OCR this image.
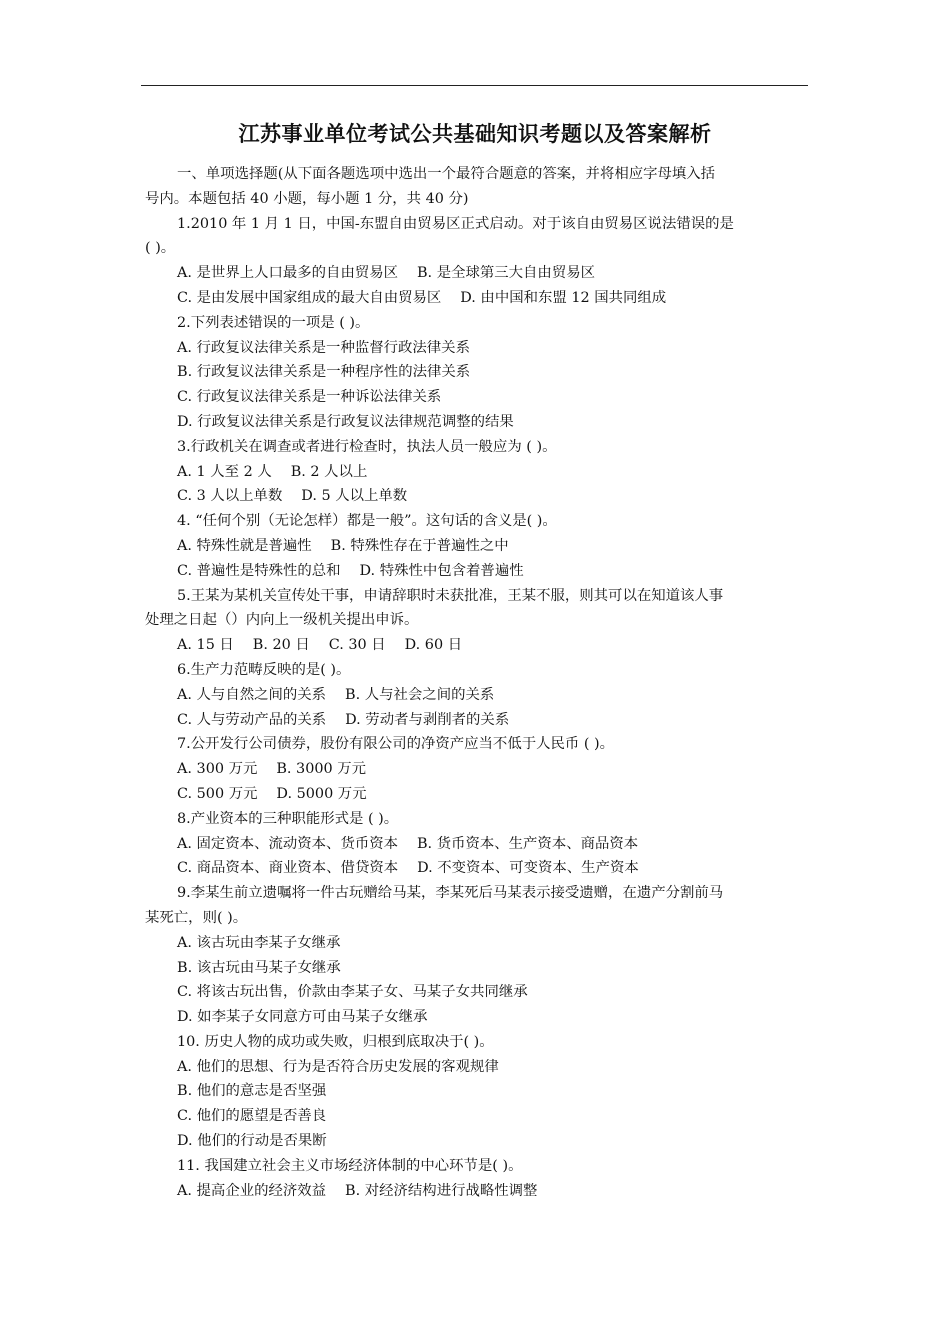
江苏事业单位考试公共基础知识考题以及答案解析
一、单项选择题(从下面各题选项中选出一个最符合题意的答案，并将相应字母填入括
号内。本题包括 40 小题，每小题 1 分，共 40 分)
1.2010 年 1 月 1 日，中国-东盟自由贸易区正式启动。对于该自由贸易区说法错误的是
( )。
A. 是世界上人口最多的自由贸易区　 B. 是全球第三大自由贸易区
C. 是由发展中国家组成的最大自由贸易区　 D. 由中国和东盟 12 国共同组成
2.下列表述错误的一项是 ( )。
A. 行政复议法律关系是一种监督行政法律关系
B. 行政复议法律关系是一种程序性的法律关系
C. 行政复议法律关系是一种诉讼法律关系
D. 行政复议法律关系是行政复议法律规范调整的结果
3.行政机关在调查或者进行检查时，执法人员一般应为 ( )。
A. 1 人至 2 人　 B. 2 人以上
C. 3 人以上单数　 D. 5 人以上单数
4. “任何个别（无论怎样）都是一般”。这句话的含义是( )。
A. 特殊性就是普遍性　 B. 特殊性存在于普遍性之中
C. 普遍性是特殊性的总和　 D. 特殊性中包含着普遍性
5.王某为某机关宣传处干事，申请辞职时未获批准，王某不服，则其可以在知道该人事
处理之日起（）内向上一级机关提出申诉。
A. 15 日　 B. 20 日　 C. 30 日　 D. 60 日
6.生产力范畴反映的是( )。
A. 人与自然之间的关系　 B. 人与社会之间的关系
C. 人与劳动产品的关系　 D. 劳动者与剥削者的关系
7.公开发行公司债券，股份有限公司的净资产应当不低于人民币 ( )。
A. 300 万元　 B. 3000 万元
C. 500 万元　 D. 5000 万元
8.产业资本的三种职能形式是 ( )。
A. 固定资本、流动资本、货币资本　 B. 货币资本、生产资本、商品资本
C. 商品资本、商业资本、借贷资本　 D. 不变资本、可变资本、生产资本
9.李某生前立遗嘱将一件古玩赠给马某，李某死后马某表示接受遗赠，在遗产分割前马
某死亡，则( )。
A. 该古玩由李某子女继承
B. 该古玩由马某子女继承
C. 将该古玩出售，价款由李某子女、马某子女共同继承
D. 如李某子女同意方可由马某子女继承
10. 历史人物的成功或失败，归根到底取决于( )。
A. 他们的思想、行为是否符合历史发展的客观规律
B. 他们的意志是否坚强
C. 他们的愿望是否善良
D. 他们的行动是否果断
11. 我国建立社会主义市场经济体制的中心环节是( )。
A. 提高企业的经济效益　 B. 对经济结构进行战略性调整
